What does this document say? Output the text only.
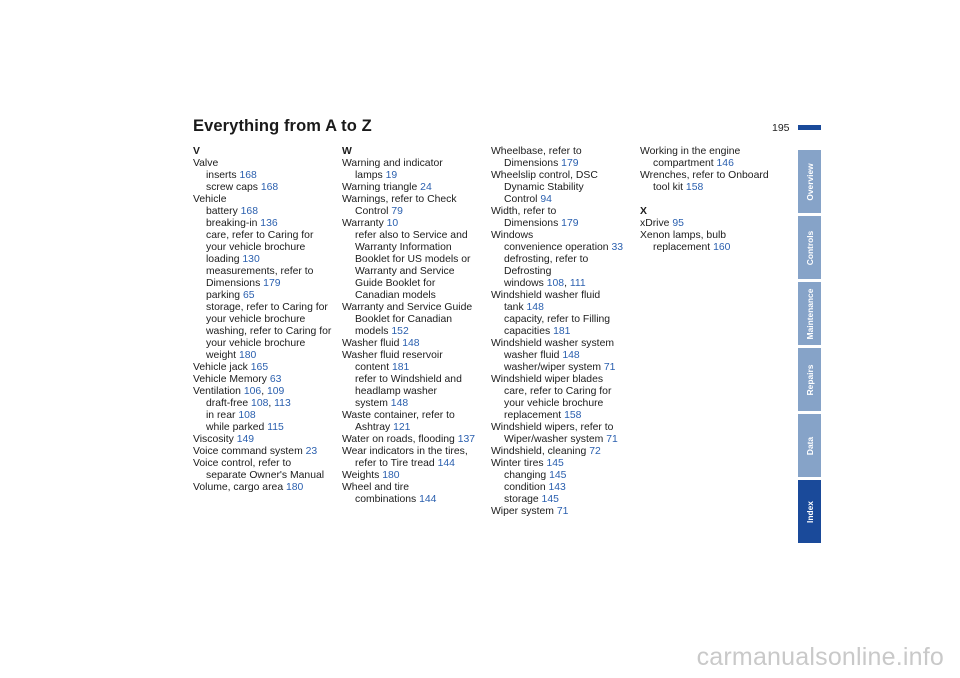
Everything from A to Z	195
V
Valve
inserts 168
screw caps 168
Vehicle
battery 168
breaking-in 136
care, refer to Caring for
your vehicle brochure
loading 130
measurements, refer to
Dimensions 179
parking 65
storage, refer to Caring for
your vehicle brochure
washing, refer to Caring for
your vehicle brochure
weight 180
Vehicle jack 165
Vehicle Memory 63
Ventilation 106, 109
draft-free 108, 113
in rear 108
while parked 115
Viscosity 149
Voice command system 23
Voice control, refer to
separate Owner's Manual
Volume, cargo area 180
W
Warning and indicator
lamps 19
Warning triangle 24
Warnings, refer to Check
Control 79
Warranty 10
refer also to Service and
Warranty Information
Booklet for US models or
Warranty and Service
Guide Booklet for
Canadian models
Warranty and Service Guide
Booklet for Canadian
models 152
Washer fluid 148
Washer fluid reservoir
content 181
refer to Windshield and
headlamp washer
system 148
Waste container, refer to
Ashtray 121
Water on roads, flooding 137
Wear indicators in the tires,
refer to Tire tread 144
Weights 180
Wheel and tire
combinations 144
Wheelbase, refer to
Dimensions 179
Wheelslip control, DSC
Dynamic Stability
Control 94
Width, refer to
Dimensions 179
Windows
convenience operation 33
defrosting, refer to
Defrosting
windows 108, 111
Windshield washer fluid
tank 148
capacity, refer to Filling
capacities 181
Windshield washer system
washer fluid 148
washer/wiper system 71
Windshield wiper blades
care, refer to Caring for
your vehicle brochure
replacement 158
Windshield wipers, refer to
Wiper/washer system 71
Windshield, cleaning 72
Winter tires 145
changing 145
condition 143
storage 145
Wiper system 71
Working in the engine
compartment 146
Wrenches, refer to Onboard
tool kit 158
X
xDrive 95
Xenon lamps, bulb
replacement 160
Overview
Controls
Maintenance
Repairs
Data
Index
carmanualsonline.info
